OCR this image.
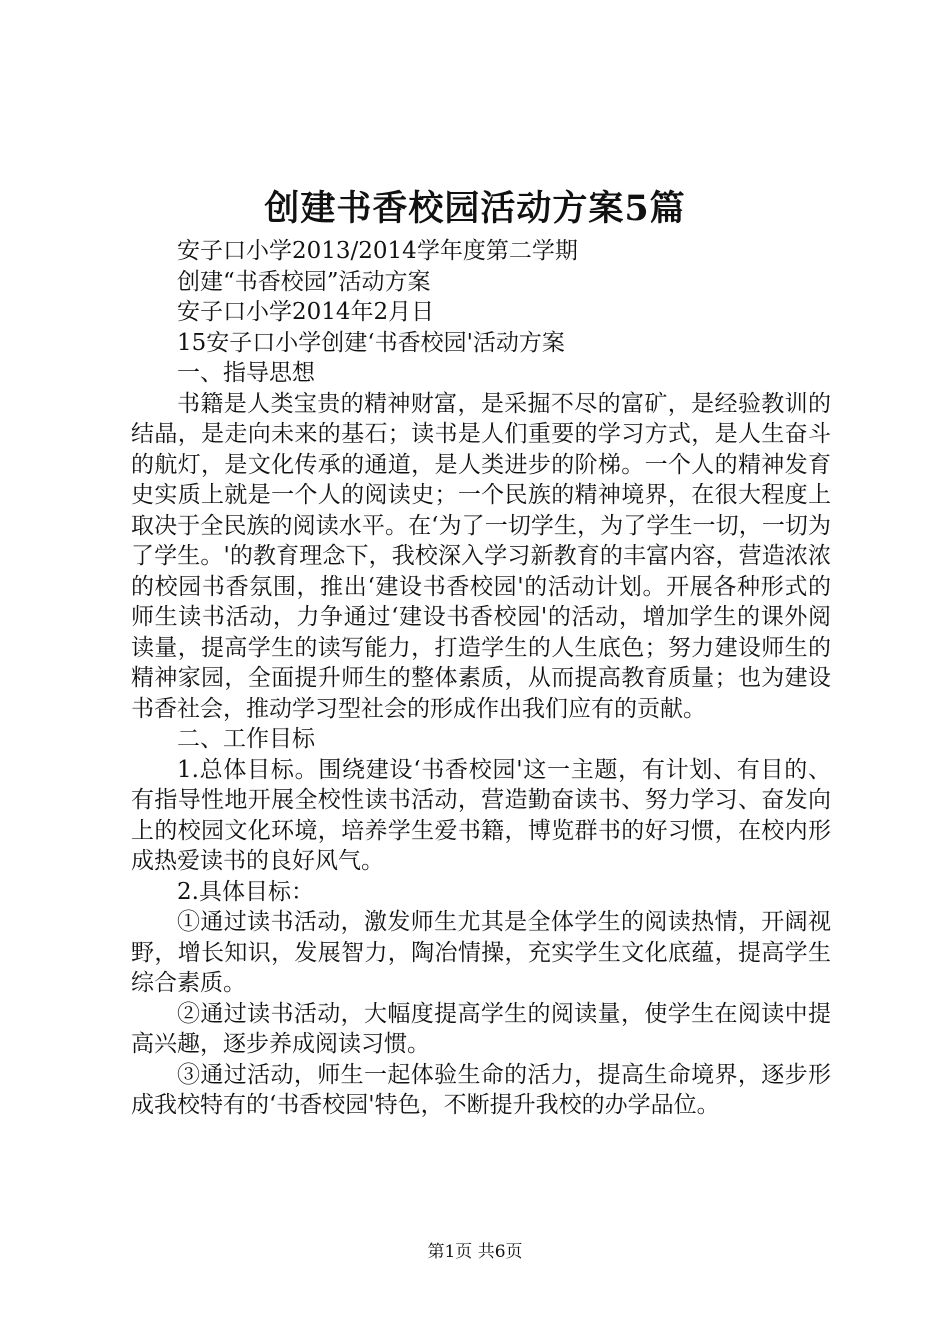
创建书香校园活动方案5篇

安子口小学2013/2014学年度第二学期

创建“书香校园”活动方案

安子口小学2014年2月日

15安子口小学创建‘书香校园'活动方案

一、指导思想

书籍是人类宝贵的精神财富，是采掘不尽的富矿，是经验教训的结晶，是走向未来的基石；读书是人们重要的学习方式，是人生奋斗的航灯，是文化传承的通道，是人类进步的阶梯。一个人的精神发育史实质上就是一个人的阅读史；一个民族的精神境界，在很大程度上取决于全民族的阅读水平。在‘为了一切学生，为了学生一切，一切为了学生。'的教育理念下，我校深入学习新教育的丰富内容，营造浓浓的校园书香氛围，推出‘建设书香校园'的活动计划。开展各种形式的师生读书活动，力争通过‘建设书香校园'的活动，增加学生的课外阅读量，提高学生的读写能力，打造学生的人生底色；努力建设师生的精神家园，全面提升师生的整体素质，从而提高教育质量；也为建设书香社会，推动学习型社会的形成作出我们应有的贡献。

二、工作目标

1.总体目标。围绕建设‘书香校园'这一主题，有计划、有目的、有指导性地开展全校性读书活动，营造勤奋读书、努力学习、奋发向上的校园文化环境，培养学生爱书籍，博览群书的好习惯，在校内形成热爱读书的良好风气。

2.具体目标：

①通过读书活动，激发师生尤其是全体学生的阅读热情，开阔视野，增长知识，发展智力，陶冶情操，充实学生文化底蕴，提高学生综合素质。

②通过读书活动，大幅度提高学生的阅读量，使学生在阅读中提高兴趣，逐步养成阅读习惯。

③通过活动，师生一起体验生命的活力，提高生命境界，逐步形成我校特有的‘书香校园'特色，不断提升我校的办学品位。

第1页 共6页
